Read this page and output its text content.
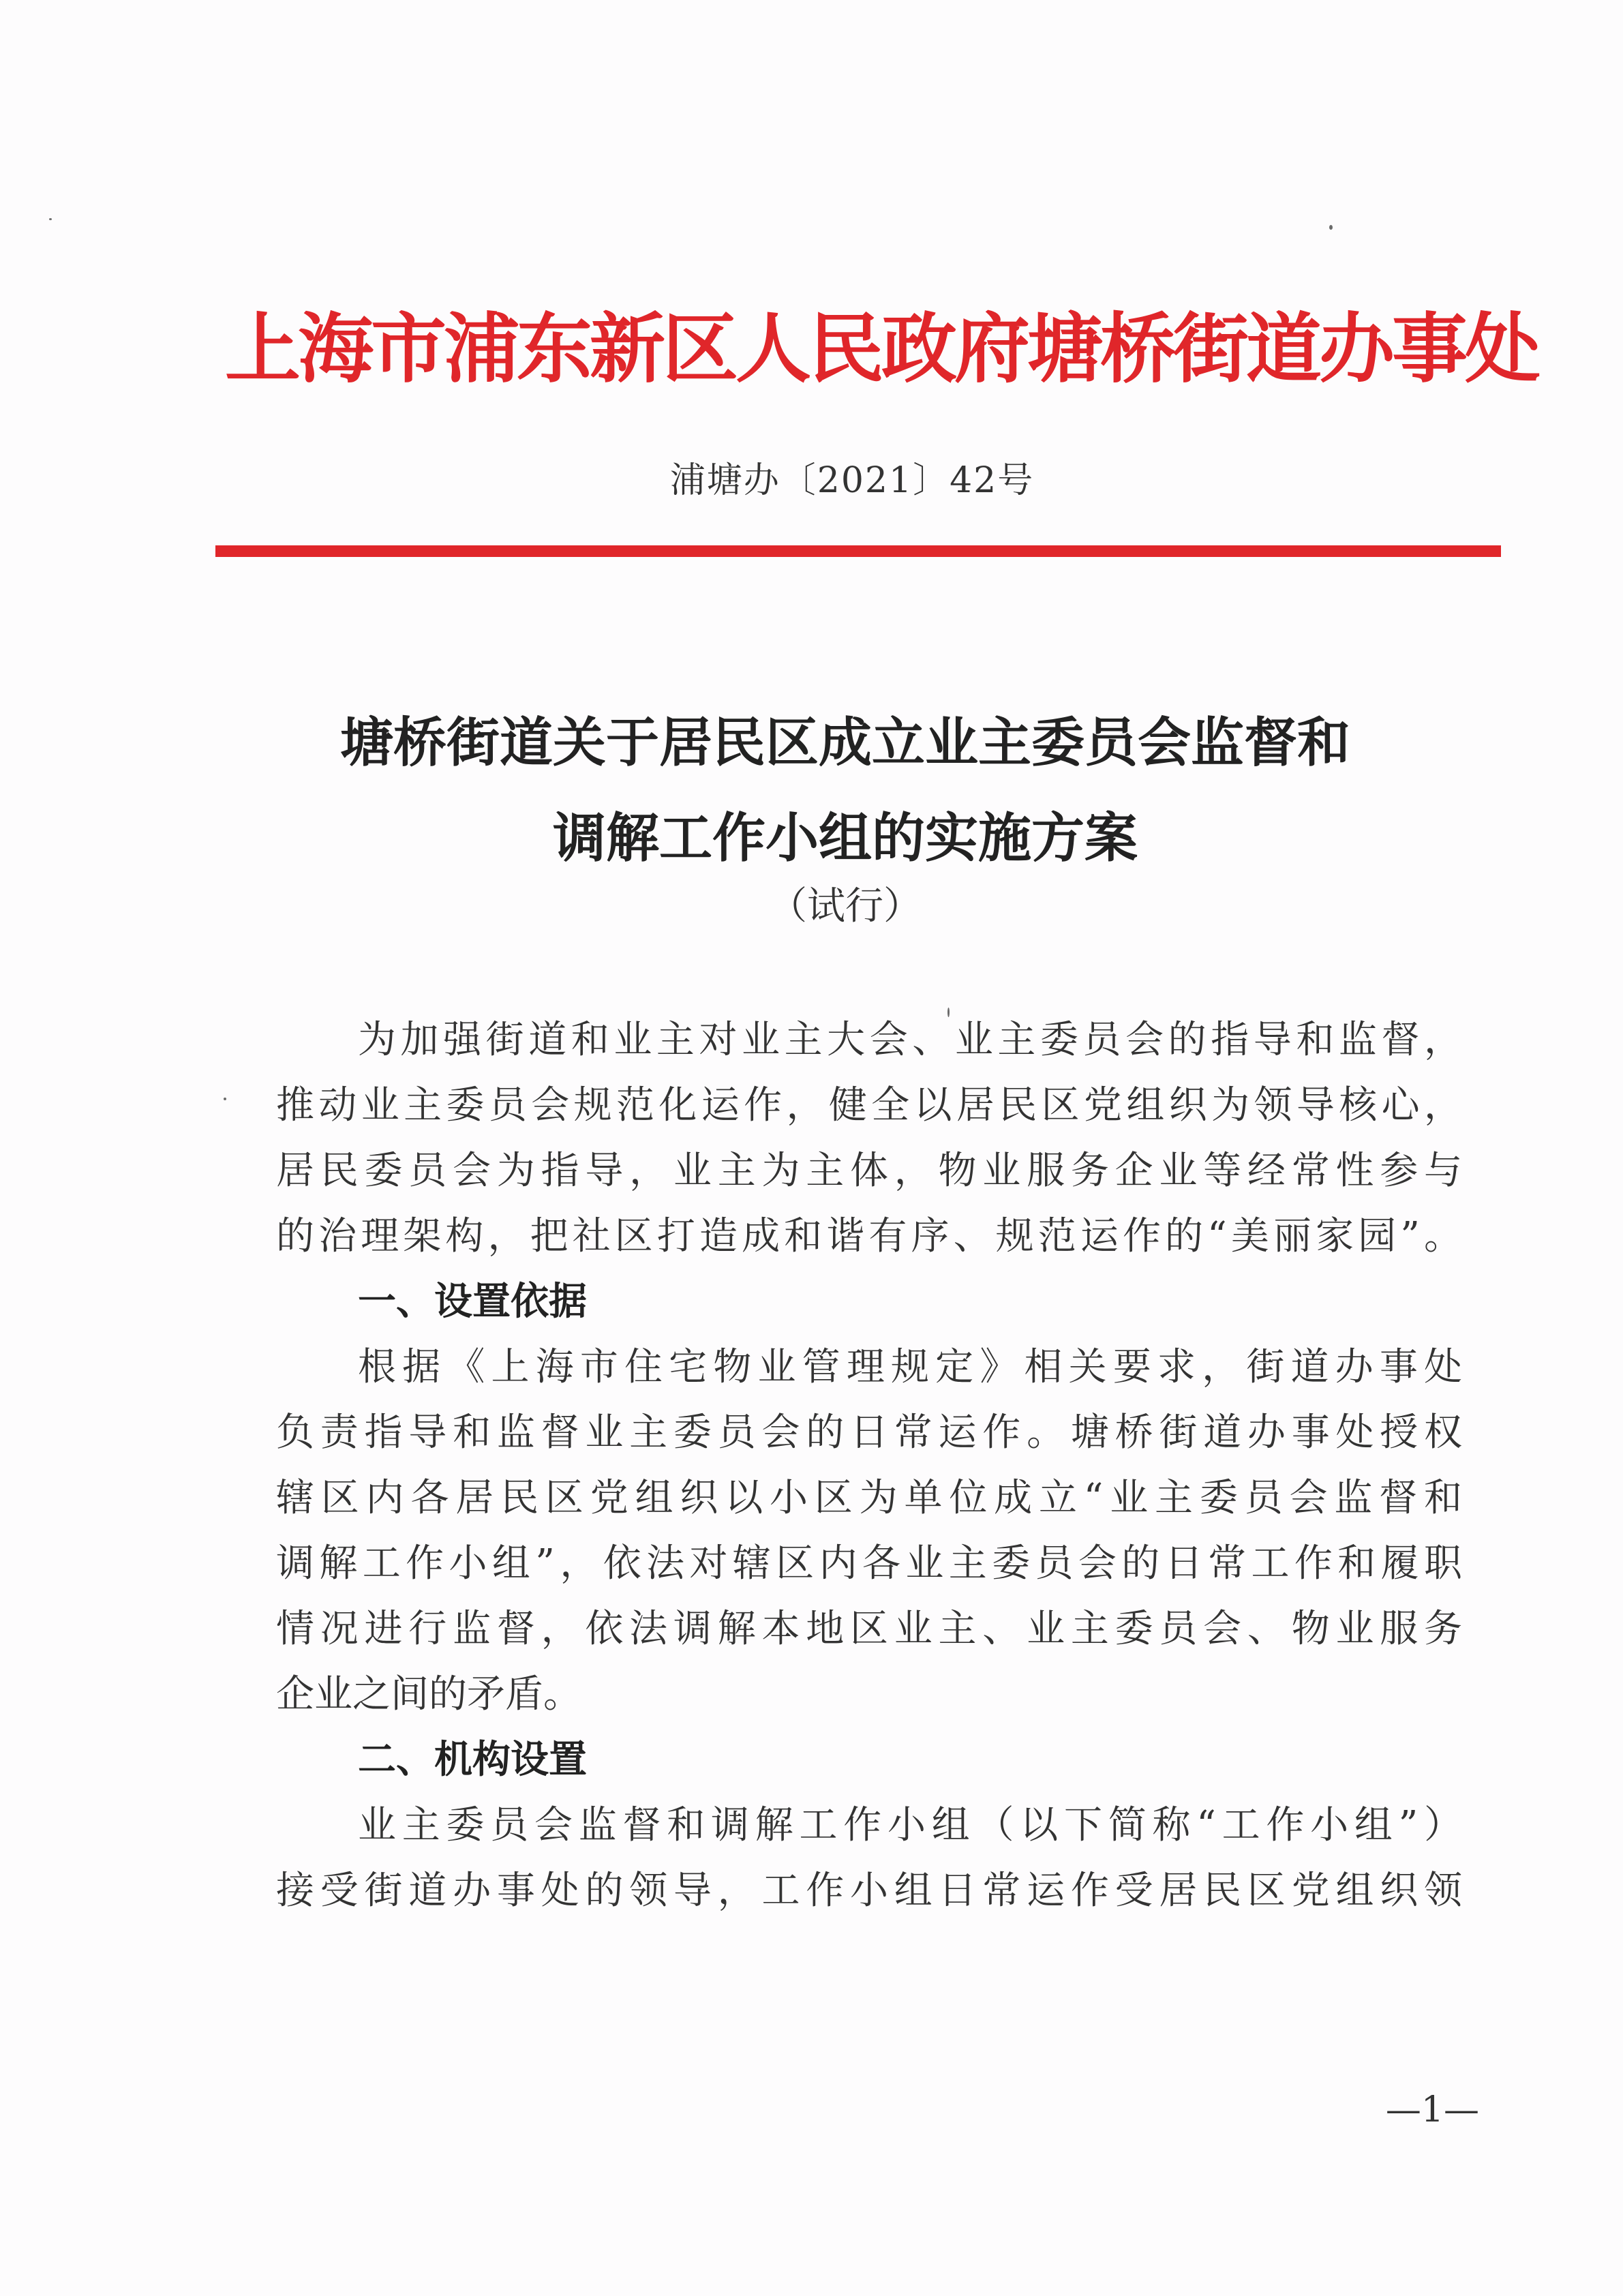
上海市浦东新区人民政府塘桥街道办事处
浦塘办〔2021〕42号
塘桥街道关于居民区成立业主委员会监督和
调解工作小组的实施方案
（试行）
为加强街道和业主对业主大会、业主委员会的指导和监督，
推动业主委员会规范化运作，健全以居民区党组织为领导核心，
居民委员会为指导，业主为主体，物业服务企业等经常性参与
的治理架构，把社区打造成和谐有序、规范运作的“美丽家园”。
一、设置依据
根据《上海市住宅物业管理规定》相关要求，街道办事处
负责指导和监督业主委员会的日常运作。塘桥街道办事处授权
辖区内各居民区党组织以小区为单位成立“业主委员会监督和
调解工作小组”，依法对辖区内各业主委员会的日常工作和履职
情况进行监督，依法调解本地区业主、业主委员会、物业服务
企业之间的矛盾。
二、机构设置
业主委员会监督和调解工作小组（以下简称“工作小组”）
接受街道办事处的领导，工作小组日常运作受居民区党组织领
—1—
